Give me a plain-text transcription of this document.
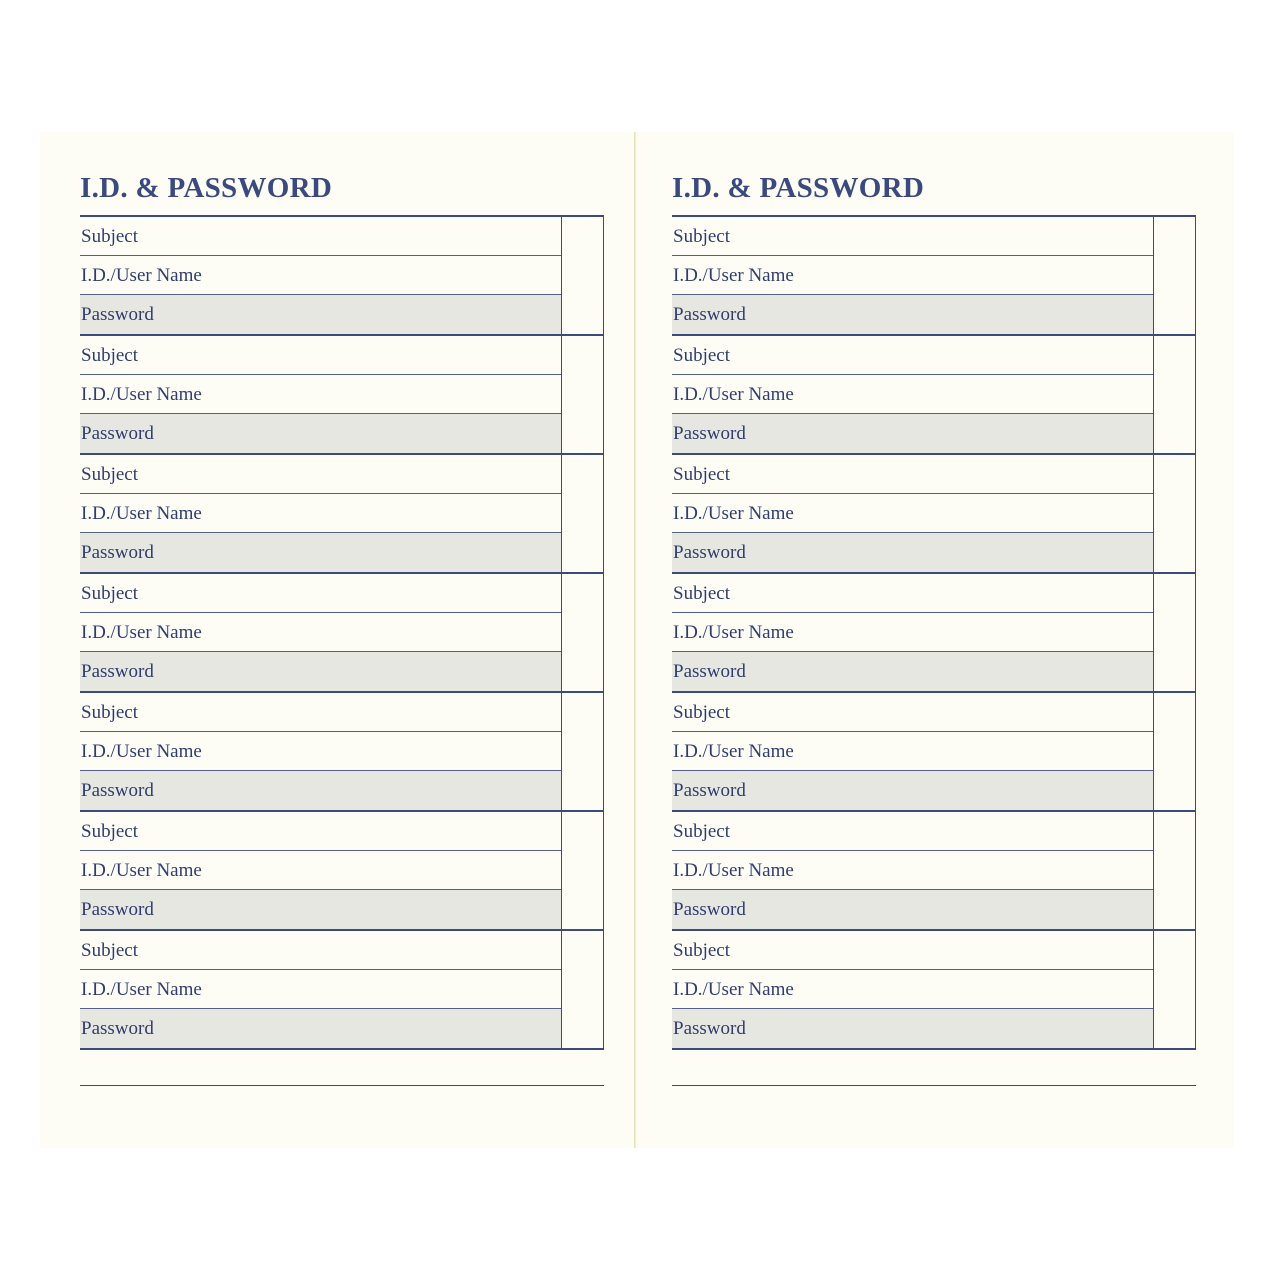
I.D. & PASSWORD
Subject
I.D./User Name
Password
Subject
I.D./User Name
Password
Subject
I.D./User Name
Password
Subject
I.D./User Name
Password
Subject
I.D./User Name
Password
Subject
I.D./User Name
Password
Subject
I.D./User Name
Password
I.D. & PASSWORD
Subject
I.D./User Name
Password
Subject
I.D./User Name
Password
Subject
I.D./User Name
Password
Subject
I.D./User Name
Password
Subject
I.D./User Name
Password
Subject
I.D./User Name
Password
Subject
I.D./User Name
Password
